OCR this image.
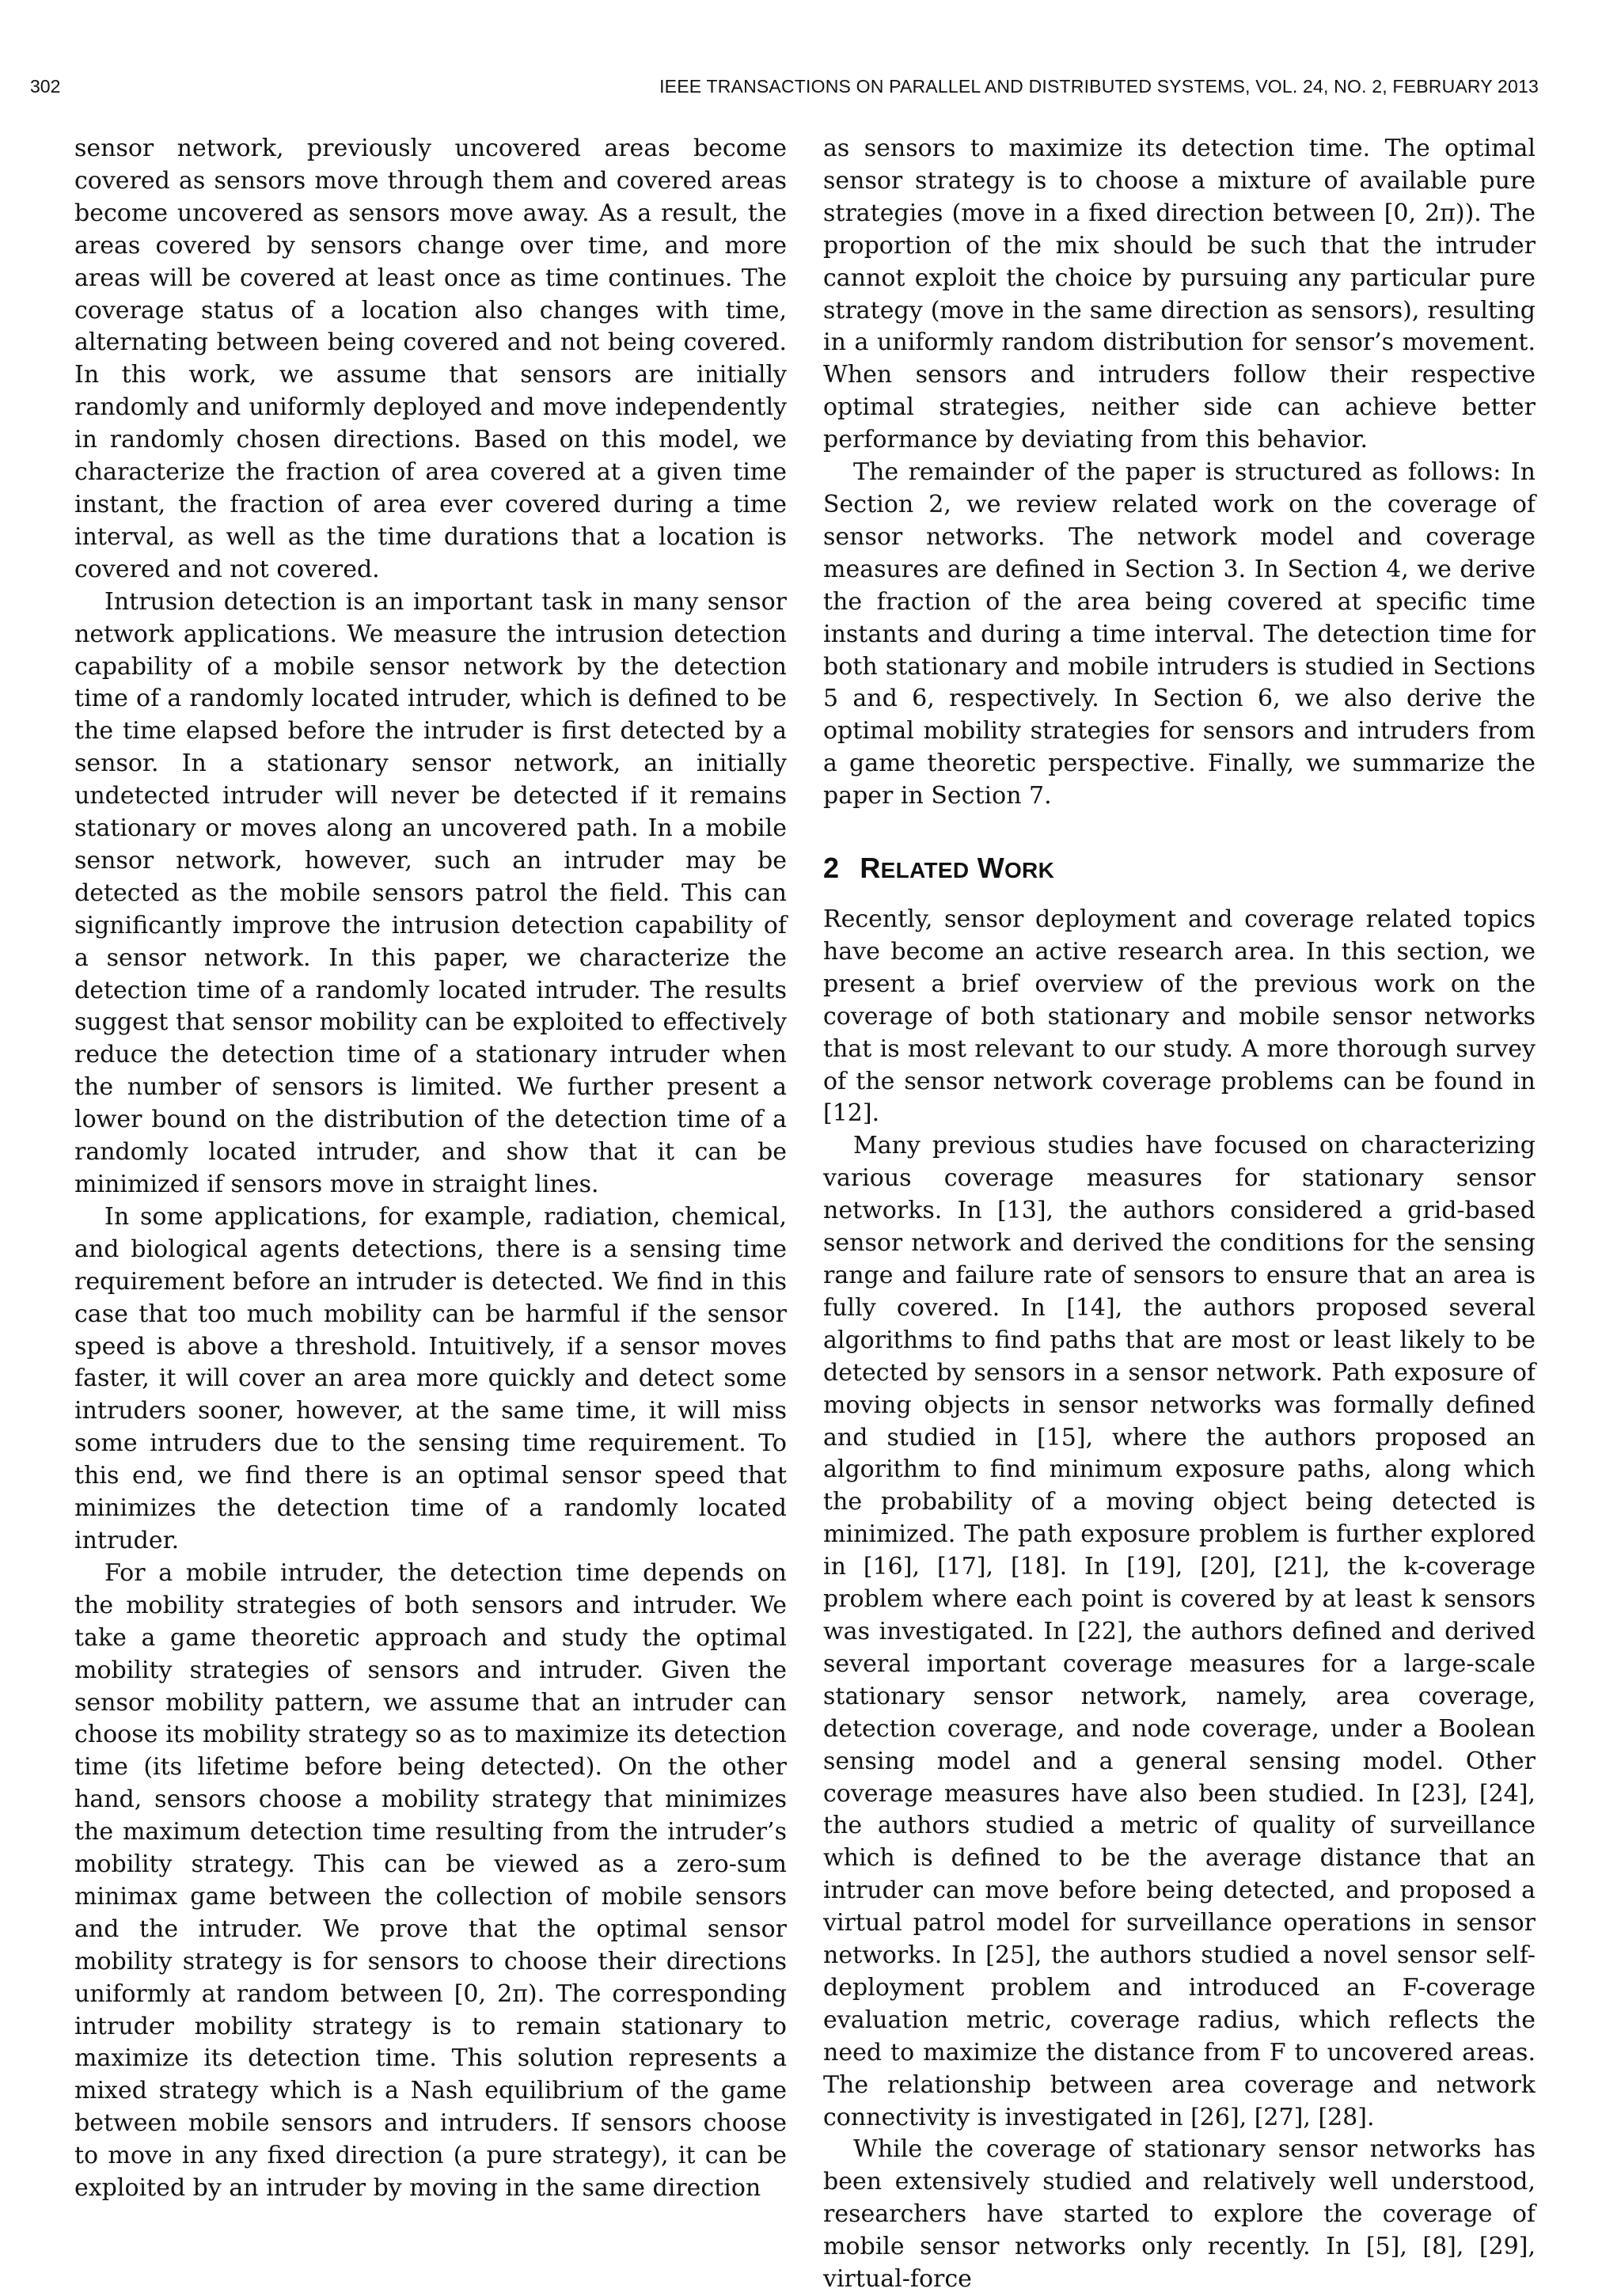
302	IEEE TRANSACTIONS ON PARALLEL AND DISTRIBUTED SYSTEMS, VOL. 24, NO. 2, FEBRUARY 2013

sensor network, previously uncovered areas become covered as sensors move through them and covered areas become uncovered as sensors move away. As a result, the areas covered by sensors change over time, and more areas will be covered at least once as time continues. The coverage status of a location also changes with time, alternating between being covered and not being covered. In this work, we assume that sensors are initially randomly and uniformly deployed and move independently in randomly chosen directions. Based on this model, we characterize the fraction of area covered at a given time instant, the fraction of area ever covered during a time interval, as well as the time durations that a location is covered and not covered.

Intrusion detection is an important task in many sensor network applications. We measure the intrusion detection capability of a mobile sensor network by the detection time of a randomly located intruder, which is defined to be the time elapsed before the intruder is first detected by a sensor. In a stationary sensor network, an initially undetected intruder will never be detected if it remains stationary or moves along an uncovered path. In a mobile sensor network, however, such an intruder may be detected as the mobile sensors patrol the field. This can significantly improve the intrusion detection capability of a sensor network. In this paper, we characterize the detection time of a randomly located intruder. The results suggest that sensor mobility can be exploited to effectively reduce the detection time of a stationary intruder when the number of sensors is limited. We further present a lower bound on the distribution of the detection time of a randomly located intruder, and show that it can be minimized if sensors move in straight lines.

In some applications, for example, radiation, chemical, and biological agents detections, there is a sensing time requirement before an intruder is detected. We find in this case that too much mobility can be harmful if the sensor speed is above a threshold. Intuitively, if a sensor moves faster, it will cover an area more quickly and detect some intruders sooner, however, at the same time, it will miss some intruders due to the sensing time requirement. To this end, we find there is an optimal sensor speed that minimizes the detection time of a randomly located intruder.

For a mobile intruder, the detection time depends on the mobility strategies of both sensors and intruder. We take a game theoretic approach and study the optimal mobility strategies of sensors and intruder. Given the sensor mobility pattern, we assume that an intruder can choose its mobility strategy so as to maximize its detection time (its lifetime before being detected). On the other hand, sensors choose a mobility strategy that minimizes the maximum detection time resulting from the intruder’s mobility strategy. This can be viewed as a zero-sum minimax game between the collection of mobile sensors and the intruder. We prove that the optimal sensor mobility strategy is for sensors to choose their directions uniformly at random between [0, 2π). The corresponding intruder mobility strategy is to remain stationary to maximize its detection time. This solution represents a mixed strategy which is a Nash equilibrium of the game between mobile sensors and intruders. If sensors choose to move in any fixed direction (a pure strategy), it can be exploited by an intruder by moving in the same direction

as sensors to maximize its detection time. The optimal sensor strategy is to choose a mixture of available pure strategies (move in a fixed direction between [0, 2π)). The proportion of the mix should be such that the intruder cannot exploit the choice by pursuing any particular pure strategy (move in the same direction as sensors), resulting in a uniformly random distribution for sensor’s movement. When sensors and intruders follow their respective optimal strategies, neither side can achieve better performance by deviating from this behavior.

The remainder of the paper is structured as follows: In Section 2, we review related work on the coverage of sensor networks. The network model and coverage measures are defined in Section 3. In Section 4, we derive the fraction of the area being covered at specific time instants and during a time interval. The detection time for both stationary and mobile intruders is studied in Sections 5 and 6, respectively. In Section 6, we also derive the optimal mobility strategies for sensors and intruders from a game theoretic perspective. Finally, we summarize the paper in Section 7.

2 RELATED WORK

Recently, sensor deployment and coverage related topics have become an active research area. In this section, we present a brief overview of the previous work on the coverage of both stationary and mobile sensor networks that is most relevant to our study. A more thorough survey of the sensor network coverage problems can be found in [12].

Many previous studies have focused on characterizing various coverage measures for stationary sensor networks. In [13], the authors considered a grid-based sensor network and derived the conditions for the sensing range and failure rate of sensors to ensure that an area is fully covered. In [14], the authors proposed several algorithms to find paths that are most or least likely to be detected by sensors in a sensor network. Path exposure of moving objects in sensor networks was formally defined and studied in [15], where the authors proposed an algorithm to find minimum exposure paths, along which the probability of a moving object being detected is minimized. The path exposure problem is further explored in [16], [17], [18]. In [19], [20], [21], the k-coverage problem where each point is covered by at least k sensors was investigated. In [22], the authors defined and derived several important coverage measures for a large-scale stationary sensor network, namely, area coverage, detection coverage, and node coverage, under a Boolean sensing model and a general sensing model. Other coverage measures have also been studied. In [23], [24], the authors studied a metric of quality of surveillance which is defined to be the average distance that an intruder can move before being detected, and proposed a virtual patrol model for surveillance operations in sensor networks. In [25], the authors studied a novel sensor self-deployment problem and introduced an F-coverage evaluation metric, coverage radius, which reflects the need to maximize the distance from F to uncovered areas. The relationship between area coverage and network connectivity is investigated in [26], [27], [28].

While the coverage of stationary sensor networks has been extensively studied and relatively well understood, researchers have started to explore the coverage of mobile sensor networks only recently. In [5], [8], [29], virtual-force
